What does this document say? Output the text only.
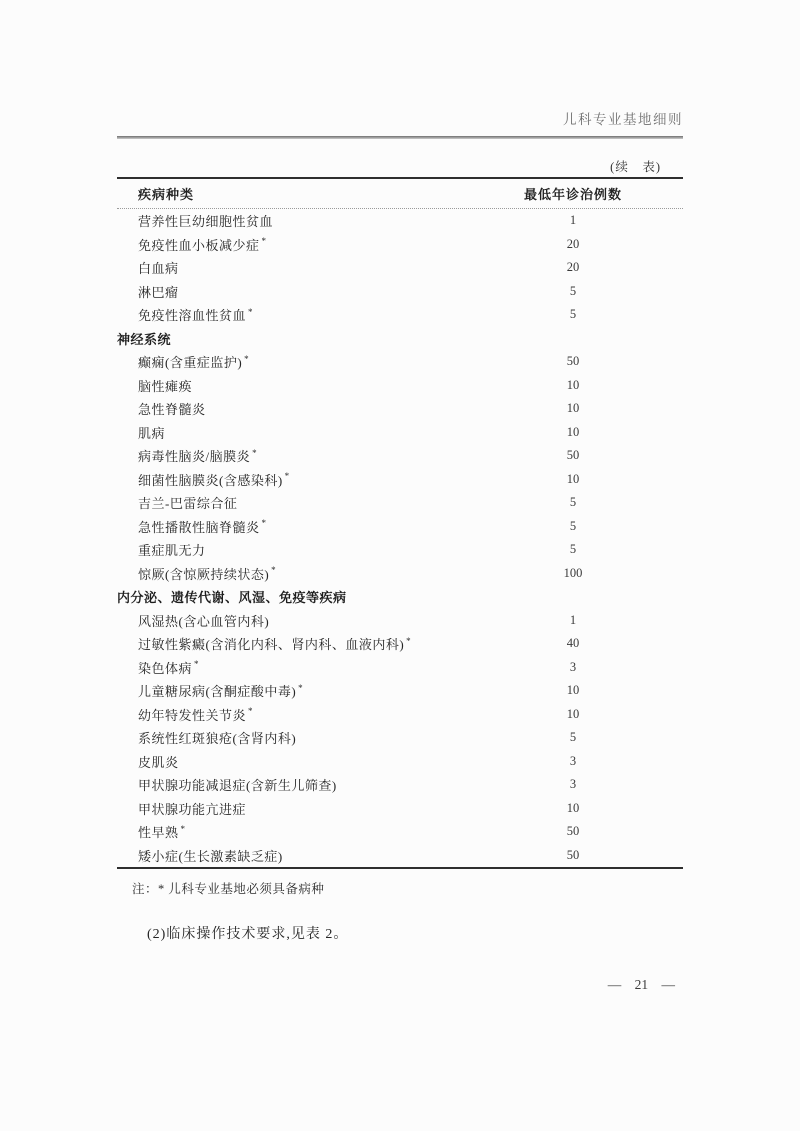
儿科专业基地细则
(续　表)
疾病种类	最低年诊治例数
营养性巨幼细胞性贫血	1
免疫性血小板减少症 *	20
白血病	20
淋巴瘤	5
免疫性溶血性贫血 *	5
神经系统
癫痫(含重症监护) *	50
脑性瘫痪	10
急性脊髓炎	10
肌病	10
病毒性脑炎/脑膜炎 *	50
细菌性脑膜炎(含感染科) *	10
吉兰-巴雷综合征	5
急性播散性脑脊髓炎 *	5
重症肌无力	5
惊厥(含惊厥持续状态) *	100
内分泌、遗传代谢、风湿、免疫等疾病
风湿热(含心血管内科)	1
过敏性紫癜(含消化内科、肾内科、血液内科) *	40
染色体病 *	3
儿童糖尿病(含酮症酸中毒) *	10
幼年特发性关节炎 *	10
系统性红斑狼疮(含肾内科)	5
皮肌炎	3
甲状腺功能减退症(含新生儿筛查)	3
甲状腺功能亢进症	10
性早熟 *	50
矮小症(生长激素缺乏症)	50
注：* 儿科专业基地必须具备病种
(2)临床操作技术要求,见表 2。
— 21 —
